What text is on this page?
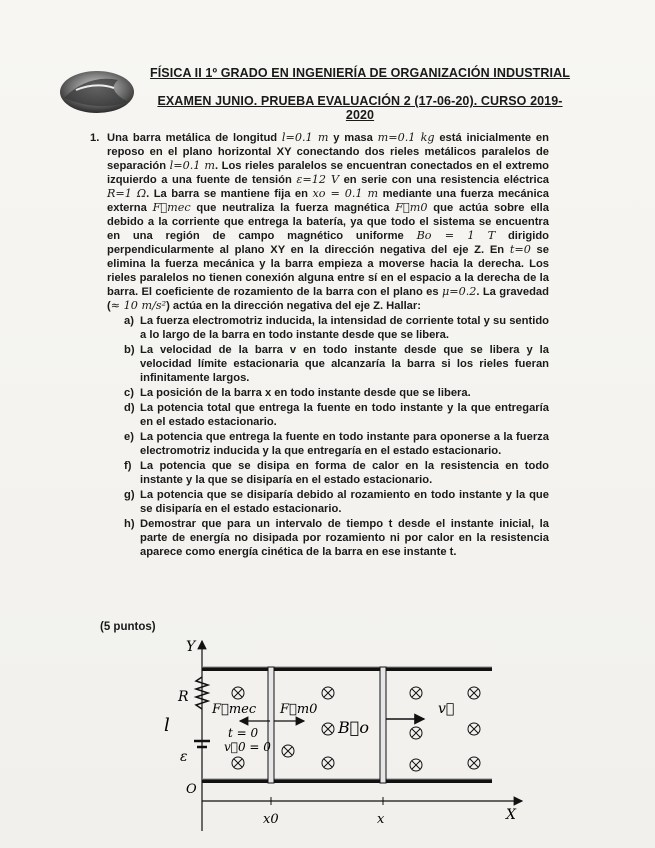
FÍSICA II 1º GRADO EN INGENIERÍA DE ORGANIZACIÓN INDUSTRIAL
EXAMEN JUNIO. PRUEBA EVALUACIÓN 2 (17-06-20). CURSO 2019-2020
1. Una barra metálica de longitud l=0.1 m y masa m=0.1 kg está inicialmente en reposo en el plano horizontal XY conectando dos rieles metálicos paralelos de separación l=0.1 m. Los rieles paralelos se encuentran conectados en el extremo izquierdo a una fuente de tensión ε=12 V en serie con una resistencia eléctrica R=1 Ω. La barra se mantiene fija en xo = 0.1 m mediante una fuerza mecánica externa F⃗mec que neutraliza la fuerza magnética F⃗m0 que actúa sobre ella debido a la corriente que entrega la batería, ya que todo el sistema se encuentra en una región de campo magnético uniforme Bo = 1 T dirigido perpendicularmente al plano XY en la dirección negativa del eje Z. En t=0 se elimina la fuerza mecánica y la barra empieza a moverse hacia la derecha. Los rieles paralelos no tienen conexión alguna entre sí en el espacio a la derecha de la barra. El coeficiente de rozamiento de la barra con el plano es μ=0.2. La gravedad (≈ 10 m/s²) actúa en la dirección negativa del eje Z. Hallar:
a) La fuerza electromotriz inducida, la intensidad de corriente total y su sentido a lo largo de la barra en todo instante desde que se libera.
b) La velocidad de la barra v en todo instante desde que se libera y la velocidad límite estacionaria que alcanzaría la barra si los rieles fueran infinitamente largos.
c) La posición de la barra x en todo instante desde que se libera.
d) La potencia total que entrega la fuente en todo instante y la que entregaría en el estado estacionario.
e) La potencia que entrega la fuente en todo instante para oponerse a la fuerza electromotriz inducida y la que entregaría en el estado estacionario.
f) La potencia que se disipa en forma de calor en la resistencia en todo instante y la que se disiparía en el estado estacionario.
g) La potencia que se disiparía debido al rozamiento en todo instante y la que se disiparía en el estado estacionario.
h) Demostrar que para un intervalo de tiempo t desde el instante inicial, la parte de energía no disipada por rozamiento ni por calor en la resistencia aparece como energía cinética de la barra en ese instante t.
(5 puntos)
Y
X
O
R
l
ε
x0	x
F⃗mec F⃗m0
t = 0
v⃗0 = 0
B⃗o
v⃗
